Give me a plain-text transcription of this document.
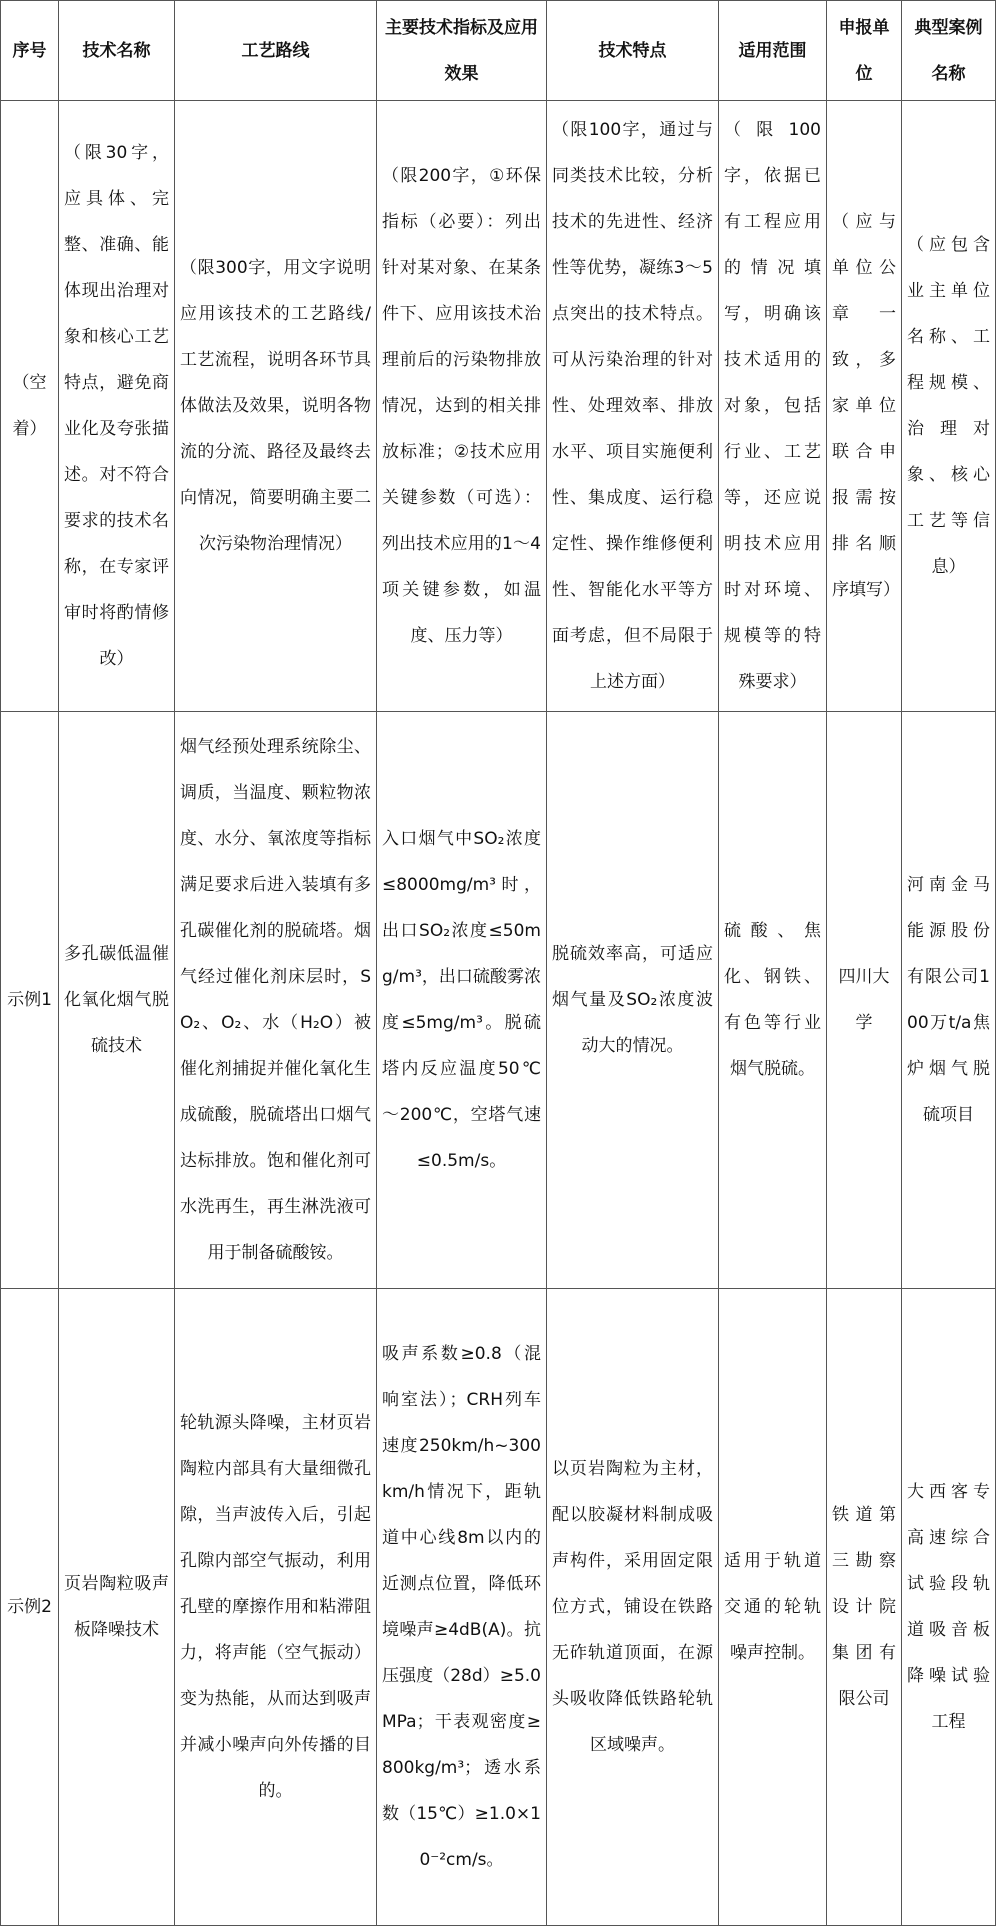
序号	技术名称	工艺路线	主要技术指标及应用效果	技术特点	适用范围	申报单位	典型案例名称
（空着）	（限30字，应具体、完整、准确、能体现出治理对象和核心工艺特点，避免商业化及夸张描述。对不符合要求的技术名称，在专家评审时将酌情修改）	（限300字，用文字说明应用该技术的工艺路线/工艺流程，说明各环节具体做法及效果，说明各物流的分流、路径及最终去向情况，简要明确主要二次污染物治理情况）	（限200字，①环保指标（必要）：列出针对某对象、在某条件下、应用该技术治理前后的污染物排放情况，达到的相关排放标准；②技术应用关键参数（可选）：列出技术应用的1～4项关键参数，如温度、压力等）	（限100字，通过与同类技术比较，分析技术的先进性、经济性等优势，凝练3～5点突出的技术特点。可从污染治理的针对性、处理效率、排放水平、项目实施便利性、集成度、运行稳定性、操作维修便利性、智能化水平等方面考虑，但不局限于上述方面）	（限100字，依据已有工程应用的情况填写，明确该技术适用的对象，包括行业、工艺等，还应说明技术应用时对环境、规模等的特殊要求）	（应与单位公章一致，多家单位联合申报需按排名顺序填写）	（应包含业主单位名称、工程规模、治理对象、核心工艺等信息）
示例1	多孔碳低温催化氧化烟气脱硫技术	烟气经预处理系统除尘、调质，当温度、颗粒物浓度、水分、氧浓度等指标满足要求后进入装填有多孔碳催化剂的脱硫塔。烟气经过催化剂床层时，SO₂、O₂、水（H₂O）被催化剂捕捉并催化氧化生成硫酸，脱硫塔出口烟气达标排放。饱和催化剂可水洗再生，再生淋洗液可用于制备硫酸铵。	入口烟气中SO₂浓度≤8000mg/m³时，出口SO₂浓度≤50mg/m³，出口硫酸雾浓度≤5mg/m³。脱硫塔内反应温度50℃～200℃，空塔气速≤0.5m/s。	脱硫效率高，可适应烟气量及SO₂浓度波动大的情况。	硫酸、焦化、钢铁、有色等行业烟气脱硫。	四川大学	河南金马能源股份有限公司100万t/a焦炉烟气脱硫项目
示例2	页岩陶粒吸声板降噪技术	轮轨源头降噪，主材页岩陶粒内部具有大量细微孔隙，当声波传入后，引起孔隙内部空气振动，利用孔壁的摩擦作用和粘滞阻力，将声能（空气振动）变为热能，从而达到吸声并减小噪声向外传播的目的。	吸声系数≥0.8（混响室法）；CRH列车速度250km/h~300km/h情况下，距轨道中心线8m以内的近测点位置，降低环境噪声≥4dB(A)。抗压强度（28d）≥5.0MPa；干表观密度≥800kg/m³；透水系数（15℃）≥1.0×10⁻²cm/s。	以页岩陶粒为主材，配以胶凝材料制成吸声构件，采用固定限位方式，铺设在铁路无砟轨道顶面，在源头吸收降低铁路轮轨区域噪声。	适用于轨道交通的轮轨噪声控制。	铁道第三勘察设计院集团有限公司	大西客专高速综合试验段轨道吸音板降噪试验工程
